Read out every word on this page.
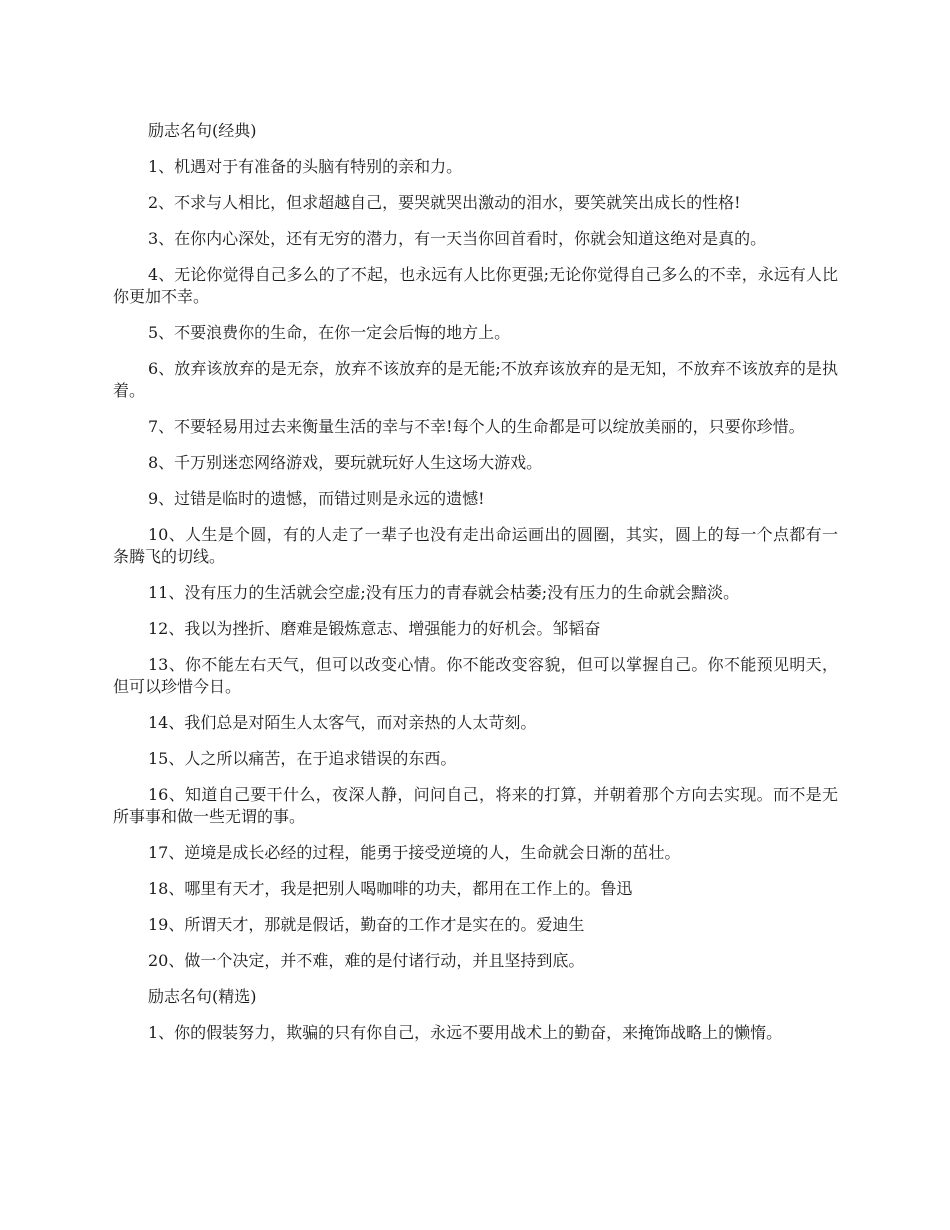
励志名句(经典)

1、机遇对于有准备的头脑有特别的亲和力。

2、不求与人相比，但求超越自己，要哭就哭出激动的泪水，要笑就笑出成长的性格!

3、在你内心深处，还有无穷的潜力，有一天当你回首看时，你就会知道这绝对是真的。

4、无论你觉得自己多么的了不起，也永远有人比你更强;无论你觉得自己多么的不幸，永远有人比你更加不幸。

5、不要浪费你的生命，在你一定会后悔的地方上。

6、放弃该放弃的是无奈，放弃不该放弃的是无能;不放弃该放弃的是无知，不放弃不该放弃的是执着。

7、不要轻易用过去来衡量生活的幸与不幸!每个人的生命都是可以绽放美丽的，只要你珍惜。

8、千万别迷恋网络游戏，要玩就玩好人生这场大游戏。

9、过错是临时的遗憾，而错过则是永远的遗憾!

10、人生是个圆，有的人走了一辈子也没有走出命运画出的圆圈，其实，圆上的每一个点都有一条腾飞的切线。

11、没有压力的生活就会空虚;没有压力的青春就会枯萎;没有压力的生命就会黯淡。

12、我以为挫折、磨难是锻炼意志、增强能力的好机会。邹韬奋

13、你不能左右天气，但可以改变心情。你不能改变容貌，但可以掌握自己。你不能预见明天，但可以珍惜今日。

14、我们总是对陌生人太客气，而对亲热的人太苛刻。

15、人之所以痛苦，在于追求错误的东西。

16、知道自己要干什么，夜深人静，问问自己，将来的打算，并朝着那个方向去实现。而不是无所事事和做一些无谓的事。

17、逆境是成长必经的过程，能勇于接受逆境的人，生命就会日渐的茁壮。

18、哪里有天才，我是把别人喝咖啡的功夫，都用在工作上的。鲁迅

19、所谓天才，那就是假话，勤奋的工作才是实在的。爱迪生

20、做一个决定，并不难，难的是付诸行动，并且坚持到底。

励志名句(精选)

1、你的假装努力，欺骗的只有你自己，永远不要用战术上的勤奋，来掩饰战略上的懒惰。
